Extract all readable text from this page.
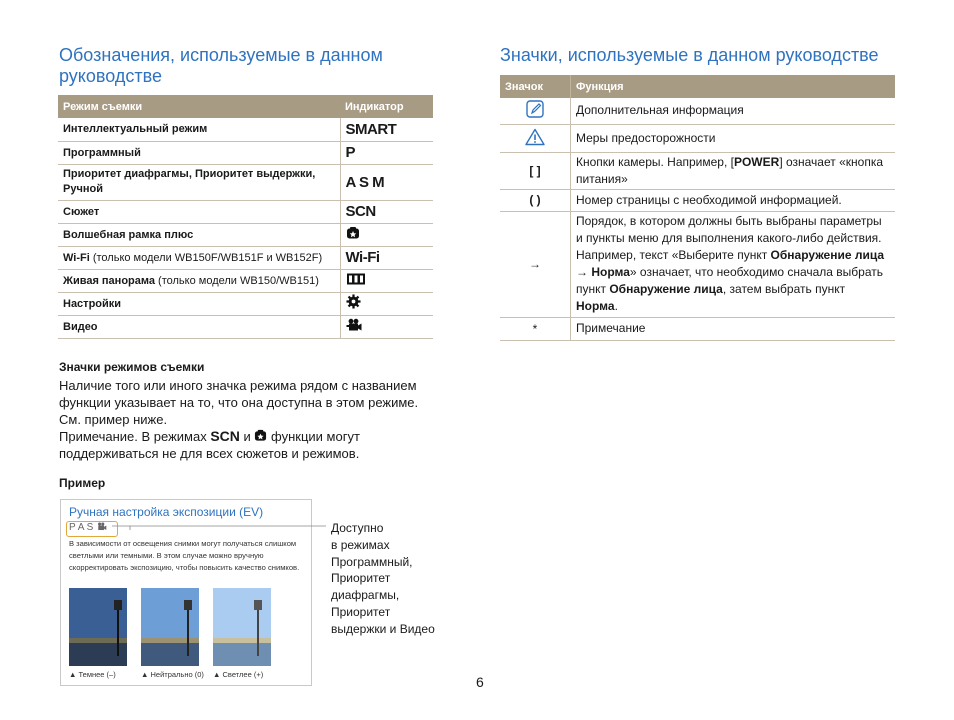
Обозначения, используемые в данном руководстве
Режим съемки	Индикатор
Интеллектуальный режим	SMART
Программный	P
Приоритет диафрагмы, Приоритет выдержки, Ручной	A S M
Сюжет	SCN
Волшебная рамка плюс	
Wi-Fi (только модели WB150F/WB151F и WB152F)	Wi-Fi
Живая панорама (только модели WB150/WB151)	
Настройки	
Видео	
Значки режимов съемки
Наличие того или иного значка режима рядом с названием функции указывает на то, что она доступна в этом режиме. См. пример ниже.
Примечание. В режимах SCN и функции могут поддерживаться не для всех сюжетов и режимов.
Пример
Ручная настройка экспозиции (EV)
P A S
В зависимости от освещения снимки могут получаться слишком светлыми или темными. В этом случае можно вручную скорректировать экспозицию, чтобы повысить качество снимков.
▲ Темнее (–)	▲ Нейтрально (0) ▲ Светлее (+)
Доступно
в режимах
Программный,
Приоритет
диафрагмы,
Приоритет
выдержки и Видео
Значки, используемые в данном руководстве
Значок	Функция
	Дополнительная информация
	Меры предосторожности
[ ]	Кнопки камеры. Например, [POWER] означает «кнопка питания»
( )	Номер страницы с необходимой информацией.
→	Порядок, в котором должны быть выбраны параметры и пункты меню для выполнения какого-либо действия. Например, текст «Выберите пункт Обнаружение лица → Норма» означает, что необходимо сначала выбрать пункт Обнаружение лица, затем выбрать пункт Норма.
*	Примечание
6
